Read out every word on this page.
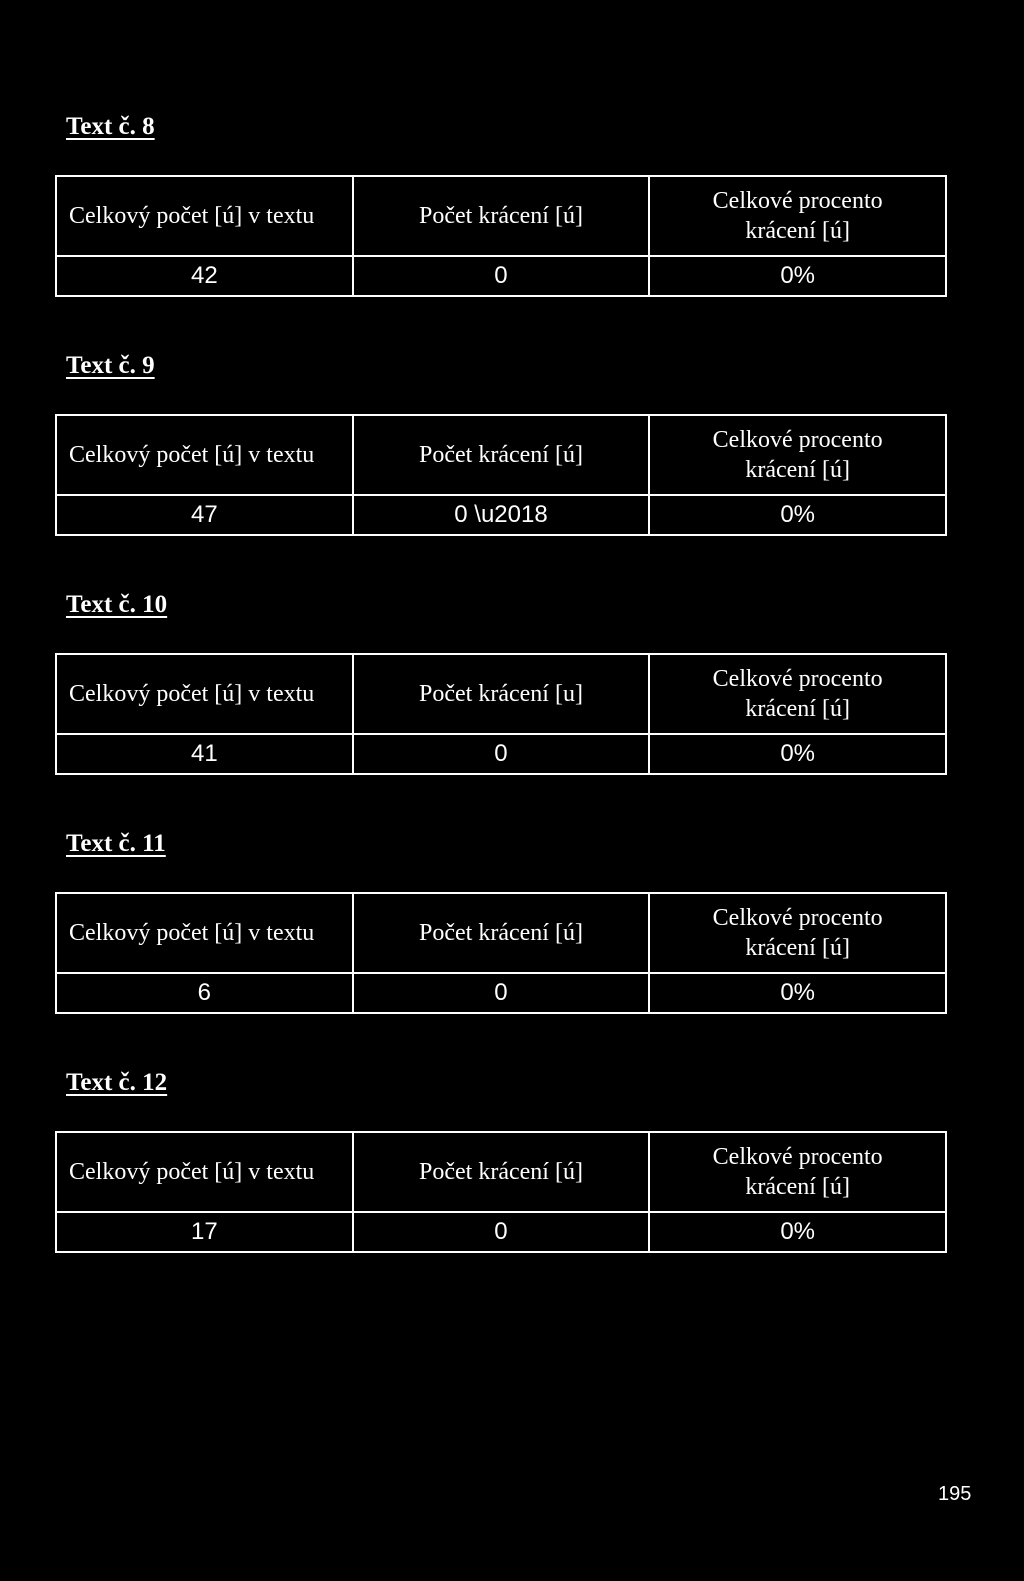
Text č. 8
Celkový počet [ú] v textu	Počet krácení [ú]	Celkové procento
krácení [ú]

42	0	0%
Text č. 9
Celkový počet [ú] v textu	Počet krácení [ú]	Celkové procento
krácení [ú]

47	0 \u2018	0%
Text č. 10
Celkový počet [ú] v textu	Počet krácení [u]	Celkové procento
krácení [ú]

41	0	0%
Text č. 11
Celkový počet [ú] v textu	Počet krácení [ú]	Celkové procento
krácení [ú]

6	0	0%
Text č. 12
Celkový počet [ú] v textu	Počet krácení [ú]	Celkové procento
krácení [ú]

17	0	0%
195
